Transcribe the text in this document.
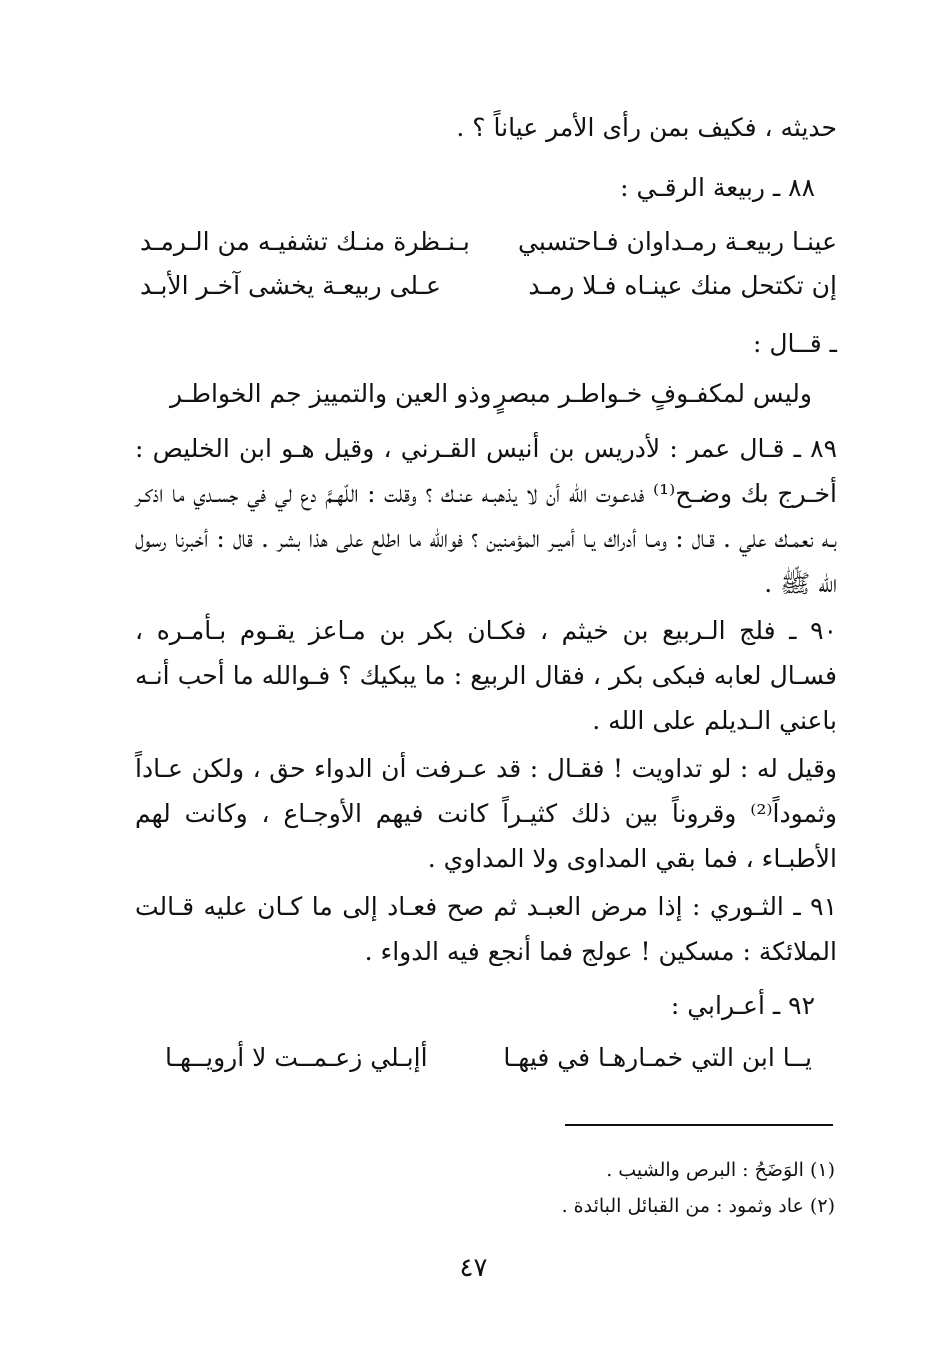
حديثه ، فكيف بمن رأى الأمر عياناً ؟ .
٨٨ ـ ربيعة الرقـي :
عينـا ربيعـة رمـداوان فـاحتسبي
بـنـظرة منـك تشفيـه من الـرمـد
إن تكتحل منك عينـاه فـلا رمـد
عـلى ربيعـة يخشى آخـر الأبـد
ـ قــال :
وليس لمكفـوفٍ خـواطـر مبصرٍ
وذو العين والتمييز جم الخواطـر
٨٩ ـ قـال عمر : لأدريس بن أنيس القـرني ، وقيل هـو ابن الخليص : أخـرج بك وضـح⁽¹⁾ فدعـوت الله أن لا يذهبـه عنـك ؟ وقلت : اللّهـمَّ دع لي في جسـدي ما اذكـر بـه نعمـك علي . قـال : ومـا أدراك يـا أميـر المؤمنين ؟ فوالله ما اطلع على هذا بشر . قال : أخبرنا رسول الله ﷺ .
٩٠ ـ فلج الـربيع بن خيثم ، فكـان بكر بن مـاعز يقـوم بـأمـره ، فسـال لعابه فبكى بكر ، فقال الربيع : ما يبكيك ؟ فـوالله ما أحب أنـه باعني الـديلم على الله .
وقيل له : لو تداويت ! فقـال : قد عـرفت أن الدواء حق ، ولكن عـاداً وثموداً⁽²⁾ وقروناً بين ذلك كثيـراً كانت فيهم الأوجـاع ، وكانت لهم الأطبـاء ، فما بقي المداوى ولا المداوي .
٩١ ـ الثـوري : إذا مرض العبـد ثم صح فعـاد إلى ما كـان عليه قـالت الملائكة : مسكين ! عولج فما أنجع فيه الدواء .
٩٢ ـ أعـرابي :
يــا ابن التي خمـارهـا في فيهـا
أإبـلي زعـمــت لا أرويــهـا
(١) الوَضَحُ : البرص والشيب .
(٢) عاد وثمود : من القبائل البائدة .
٤٧
